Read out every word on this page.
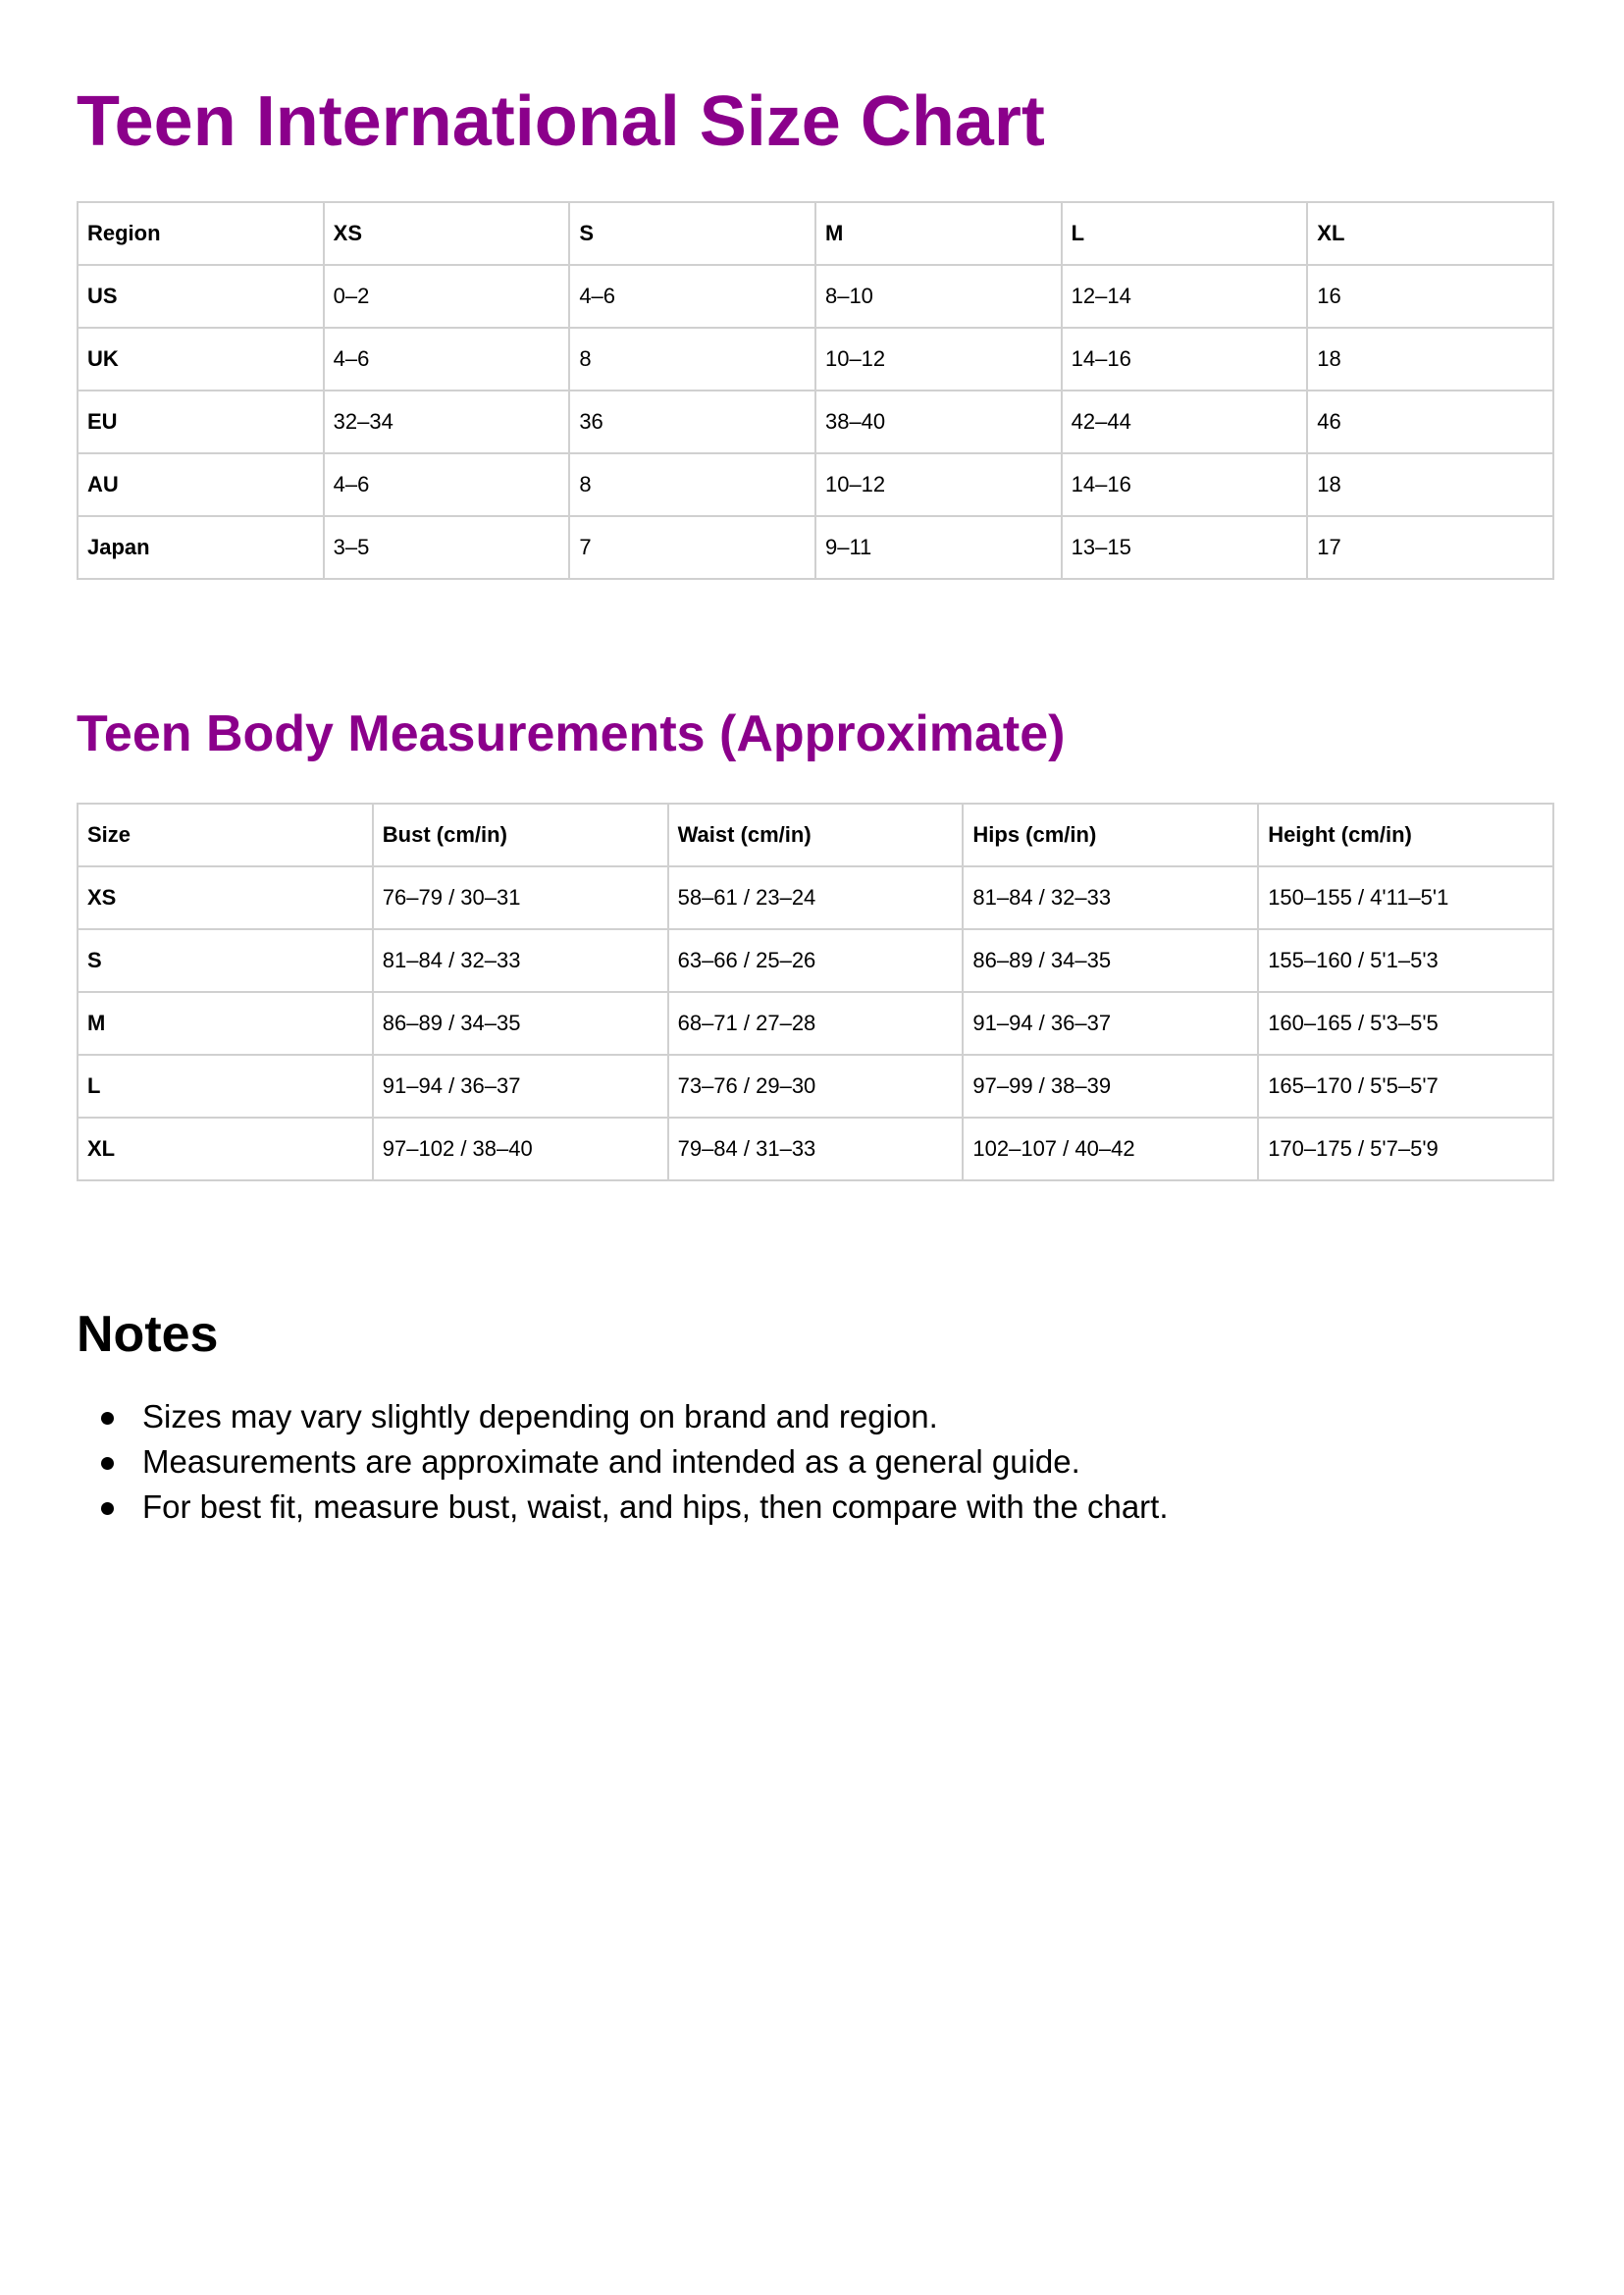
Teen International Size Chart
Region	XS	S	M	L	XL
US	0–2	4–6	8–10	12–14	16
UK	4–6	8	10–12	14–16	18
EU	32–34	36	38–40	42–44	46
AU	4–6	8	10–12	14–16	18
Japan	3–5	7	9–11	13–15	17
Teen Body Measurements (Approximate)
Size	Bust (cm/in)	Waist (cm/in)	Hips (cm/in)	Height (cm/in)
XS	76–79 / 30–31	58–61 / 23–24	81–84 / 32–33	150–155 / 4'11–5'1
S	81–84 / 32–33	63–66 / 25–26	86–89 / 34–35	155–160 / 5'1–5'3
M	86–89 / 34–35	68–71 / 27–28	91–94 / 36–37	160–165 / 5'3–5'5
L	91–94 / 36–37	73–76 / 29–30	97–99 / 38–39	165–170 / 5'5–5'7
XL	97–102 / 38–40	79–84 / 31–33	102–107 / 40–42	170–175 / 5'7–5'9
Notes
Sizes may vary slightly depending on brand and region.
Measurements are approximate and intended as a general guide.
For best fit, measure bust, waist, and hips, then compare with the chart.
